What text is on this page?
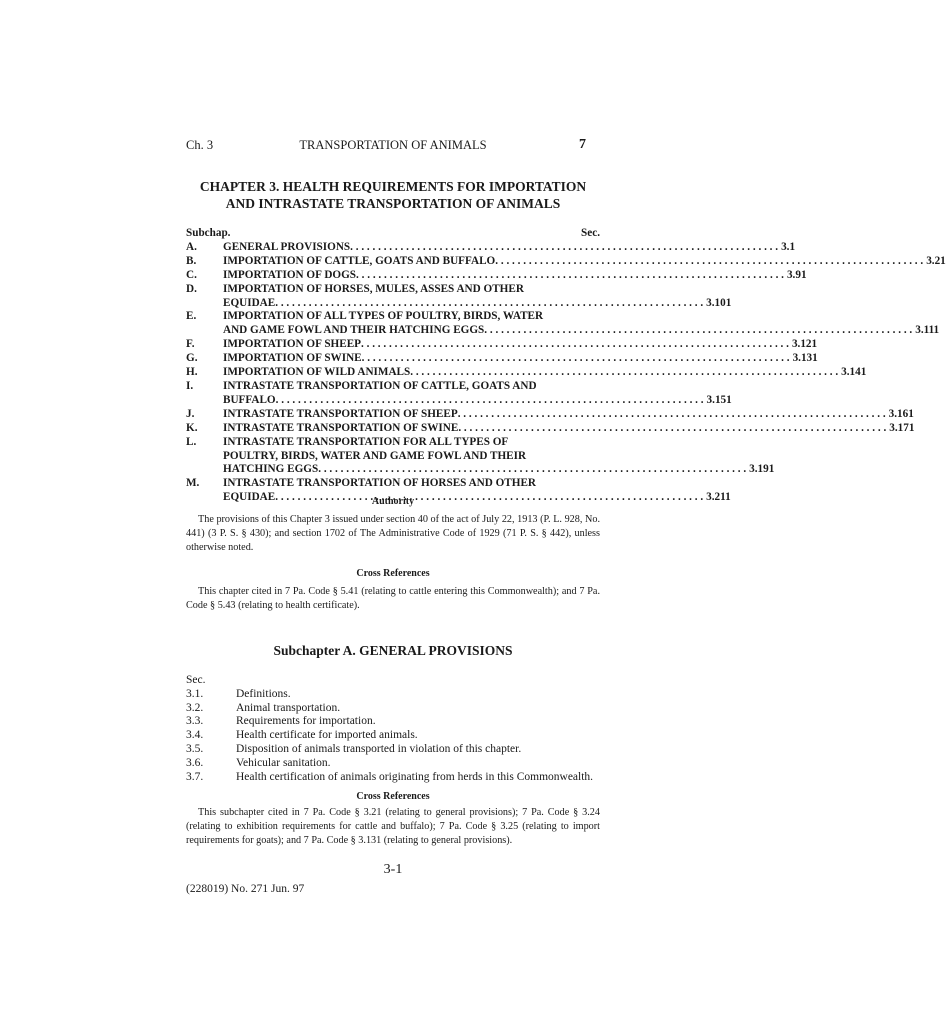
Ch. 3	TRANSPORTATION OF ANIMALS	7
CHAPTER 3. HEALTH REQUIREMENTS FOR IMPORTATION
AND INTRASTATE TRANSPORTATION OF ANIMALS
Subchap.	Sec.
A.	GENERAL PROVISIONS . . .	3.1
B.	IMPORTATION OF CATTLE, GOATS AND BUFFALO . . .	3.21
C.	IMPORTATION OF DOGS . . .	3.91
D.	IMPORTATION OF HORSES, MULES, ASSES AND OTHER
EQUIDAE . . .	3.101
E.	IMPORTATION OF ALL TYPES OF POULTRY, BIRDS, WATER
AND GAME FOWL AND THEIR HATCHING EGGS . . .	3.111
F.	IMPORTATION OF SHEEP . . .	3.121
G.	IMPORTATION OF SWINE . . .	3.131
H.	IMPORTATION OF WILD ANIMALS . . .	3.141
I.	INTRASTATE TRANSPORTATION OF CATTLE, GOATS AND
BUFFALO . . .	3.151
J.	INTRASTATE TRANSPORTATION OF SHEEP . . .	3.161
K.	INTRASTATE TRANSPORTATION OF SWINE . . .	3.171
L.	INTRASTATE TRANSPORTATION FOR ALL TYPES OF
POULTRY, BIRDS, WATER AND GAME FOWL AND THEIR
HATCHING EGGS . . .	3.191
M.	INTRASTATE TRANSPORTATION OF HORSES AND OTHER
EQUIDAE . . .	3.211
Authority
The provisions of this Chapter 3 issued under section 40 of the act of July 22, 1913 (P. L. 928, No. 441) (3 P. S. § 430); and section 1702 of The Administrative Code of 1929 (71 P. S. § 442), unless otherwise noted.
Cross References
This chapter cited in 7 Pa. Code § 5.41 (relating to cattle entering this Commonwealth); and 7 Pa. Code § 5.43 (relating to health certificate).
Subchapter A. GENERAL PROVISIONS
Sec.
3.1.	Definitions.
3.2.	Animal transportation.
3.3.	Requirements for importation.
3.4.	Health certificate for imported animals.
3.5.	Disposition of animals transported in violation of this chapter.
3.6.	Vehicular sanitation.
3.7.	Health certification of animals originating from herds in this Commonwealth.
Cross References
This subchapter cited in 7 Pa. Code § 3.21 (relating to general provisions); 7 Pa. Code § 3.24 (relating to exhibition requirements for cattle and buffalo); 7 Pa. Code § 3.25 (relating to import requirements for goats); and 7 Pa. Code § 3.131 (relating to general provisions).
3-1
(228019) No. 271 Jun. 97
